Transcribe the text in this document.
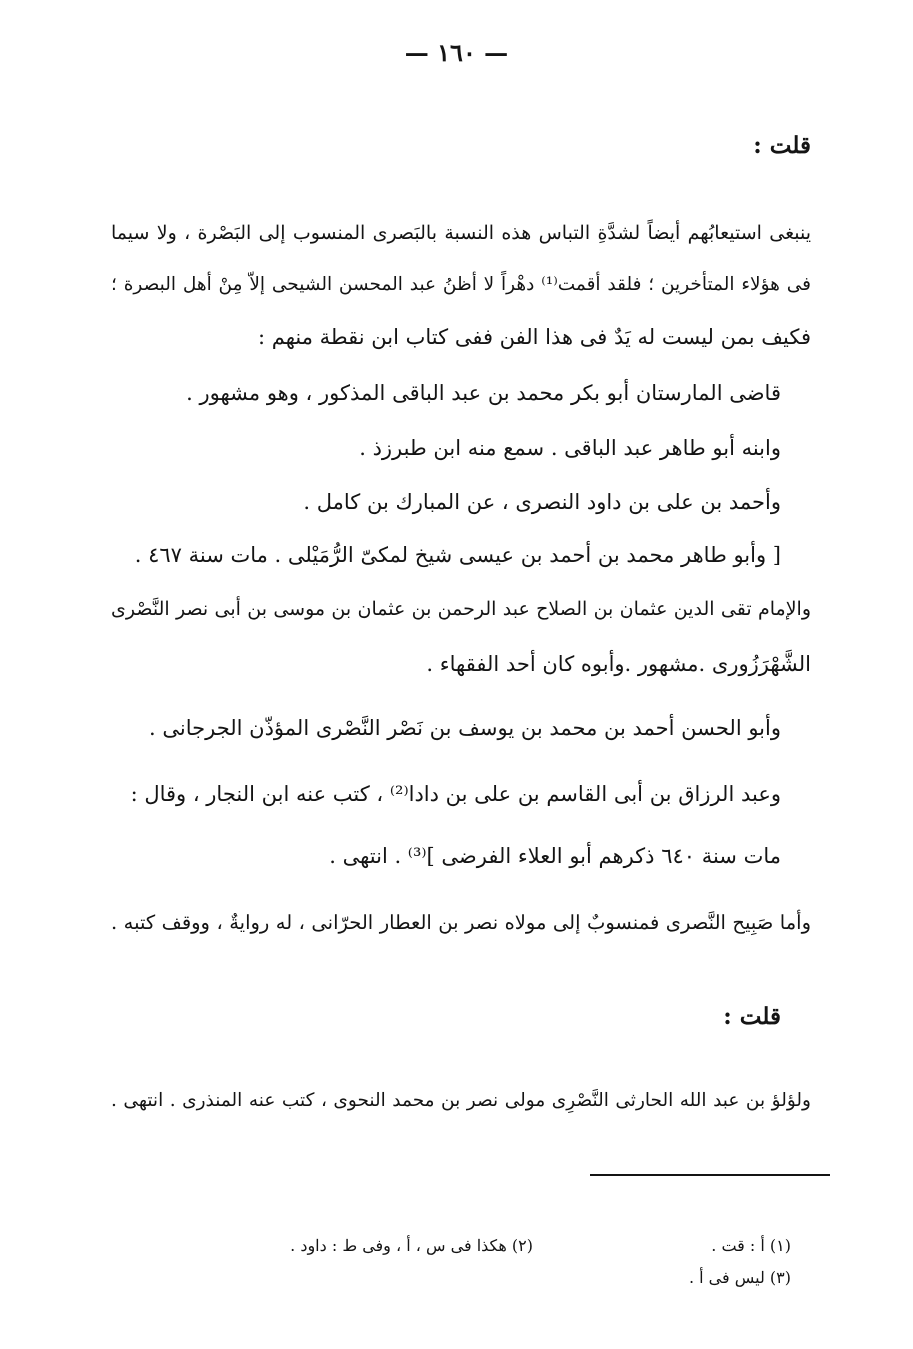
— ١٦٠ —
قلت :
ينبغى استيعابُهم أيضاً لشدَّةِ التباس هذه النسبة بالبَصرى المنسوب إلى البَصْرة ، ولا سيما
فى هؤلاء المتأخرين ؛ فلقد أقمت⁽¹⁾ دهْراً لا أظنُ عبد المحسن الشيحى إلاّ مِنْ أهل البصرة ؛
فكيف بمن ليست له يَدٌ فى هذا الفن ففى كتاب ابن نقطة منهم :
قاضى المارستان أبو بكر محمد بن عبد الباقى المذكور ، وهو مشهور .
وابنه أبو طاهر عبد الباقى . سمع منه ابن طبرزذ .
وأحمد بن على بن داود النصرى ، عن المبارك بن كامل .
[ وأبو طاهر محمد بن أحمد بن عيسى شيخ لمكىّ الرُّمَيْلى . مات سنة ٤٦٧ .
والإمام تقى الدين عثمان بن الصلاح عبد الرحمن بن عثمان بن موسى بن أبى نصر النَّصْرى
الشَّهْرَزُورى .مشهور .وأبوه كان أحد الفقهاء .
وأبو الحسن أحمد بن محمد بن يوسف بن نَصْر النَّصْرى المؤذّن الجرجانى .
وعبد الرزاق بن أبى القاسم بن على بن دادا⁽²⁾ ، كتب عنه ابن النجار ، وقال :
مات سنة ٦٤٠ ذكرهم أبو العلاء الفرضى ]⁽³⁾ . انتهى .
وأما صَبِيح النَّصرى فمنسوبٌ إلى مولاه نصر بن العطار الحرّانى ، له روايةٌ ، ووقف كتبه .
قلت :
ولؤلؤ بن عبد الله الحارثى النَّصْرِى مولى نصر بن محمد النحوى ، كتب عنه المنذرى . انتهى .
(١) أ : قت .
(٢) هكذا فى س ، أ ، وفى ط : داود .
(٣) ليس فى أ .
